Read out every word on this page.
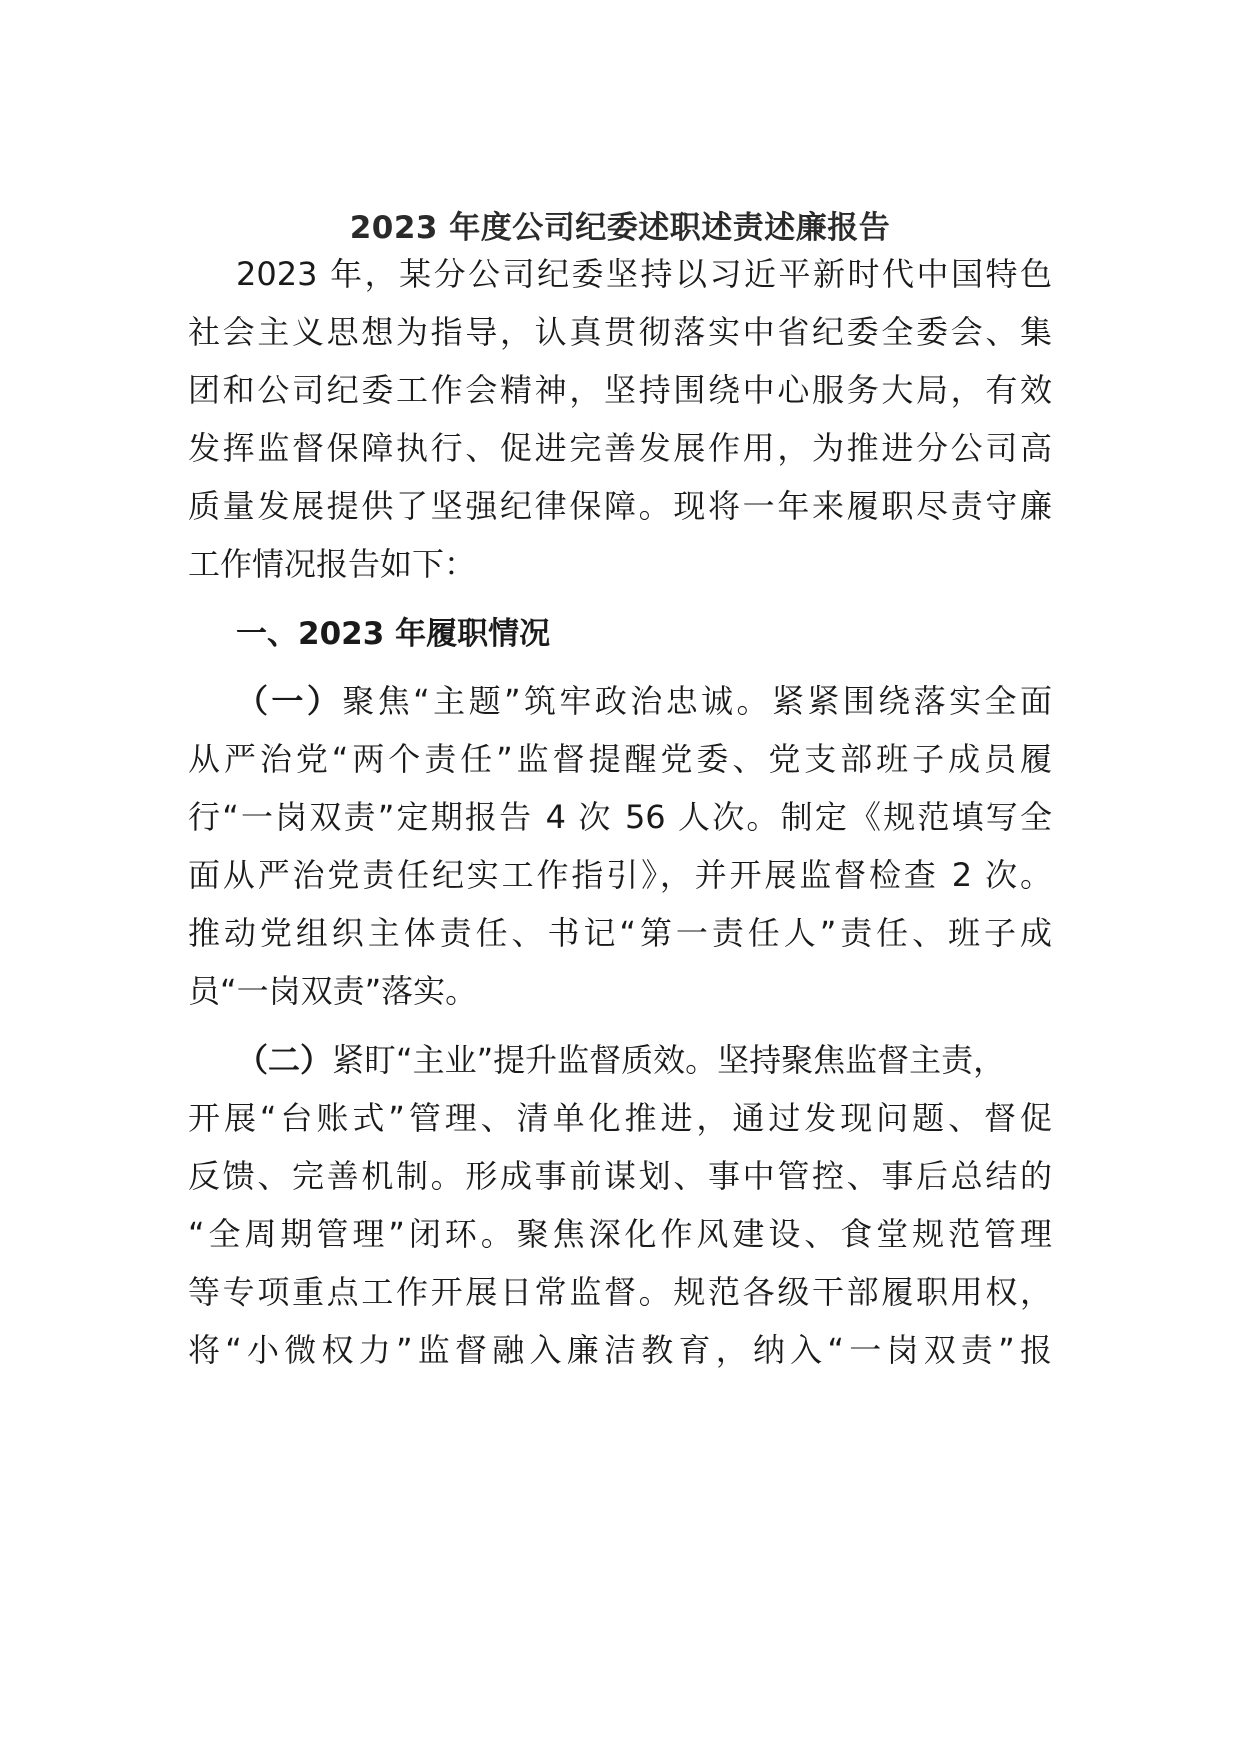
2023 年度公司纪委述职述责述廉报告
2023 年，某分公司纪委坚持以习近平新时代中国特色
社会主义思想为指导，认真贯彻落实中省纪委全委会、集
团和公司纪委工作会精神，坚持围绕中心服务大局，有效
发挥监督保障执行、促进完善发展作用，为推进分公司高
质量发展提供了坚强纪律保障。现将一年来履职尽责守廉
工作情况报告如下：
一、2023 年履职情况
（一）聚焦“主题”筑牢政治忠诚。紧紧围绕落实全面
从严治党“两个责任”监督提醒党委、党支部班子成员履
行“一岗双责”定期报告 4 次 56 人次。制定《规范填写全
面从严治党责任纪实工作指引》，并开展监督检查 2 次。
推动党组织主体责任、书记“第一责任人”责任、班子成
员“一岗双责”落实。
（二）紧盯“主业”提升监督质效。坚持聚焦监督主责，
开展“台账式”管理、清单化推进，通过发现问题、督促
反馈、完善机制。形成事前谋划、事中管控、事后总结的
“全周期管理”闭环。聚焦深化作风建设、食堂规范管理
等专项重点工作开展日常监督。规范各级干部履职用权，
将“小微权力”监督融入廉洁教育，纳入“一岗双责”报
